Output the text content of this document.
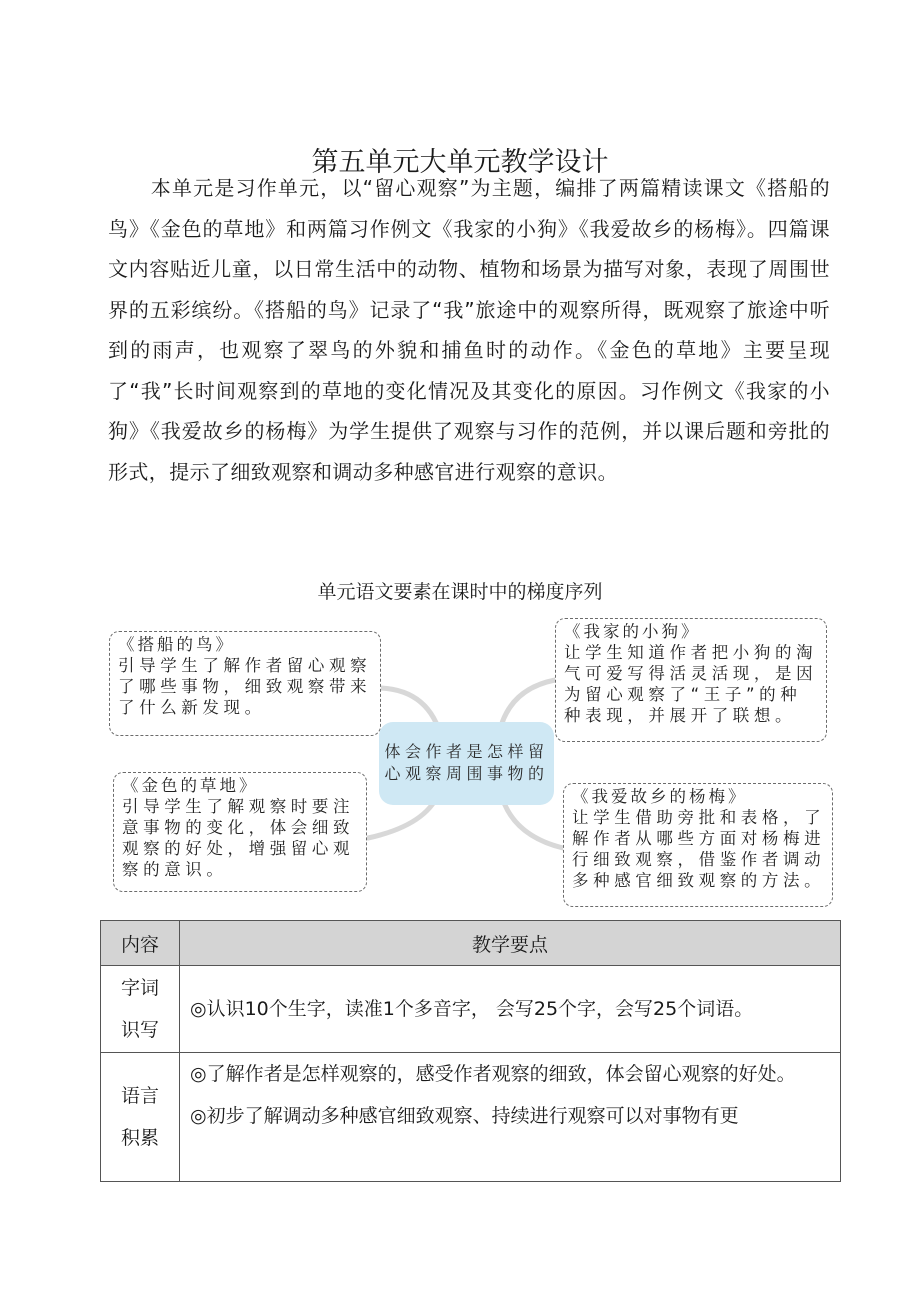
第五单元大单元教学设计
本单元是习作单元，以“留心观察”为主题，编排了两篇精读课文《搭船的鸟》《金色的草地》和两篇习作例文《我家的小狗》《我爱故乡的杨梅》。四篇课文内容贴近儿童，以日常生活中的动物、植物和场景为描写对象，表现了周围世界的五彩缤纷。《搭船的鸟》记录了“我”旅途中的观察所得，既观察了旅途中听到的雨声，也观察了翠鸟的外貌和捕鱼时的动作。《金色的草地》主要呈现了“我”长时间观察到的草地的变化情况及其变化的原因。习作例文《我家的小狗》《我爱故乡的杨梅》为学生提供了观察与习作的范例，并以课后题和旁批的形式，提示了细致观察和调动多种感官进行观察的意识。
单元语文要素在课时中的梯度序列
《搭船的鸟》
引导学生了解作者留心观察了哪些事物，细致观察带来了什么新发现。
《我家的小狗》
让学生知道作者把小狗的淘气可爱写得活灵活现，是因为留心观察了“王子”的种种表现，并展开了联想。
体会作者是怎样留心观察周围事物的
《金色的草地》
引导学生了解观察时要注意事物的变化，体会细致观察的好处，增强留心观察的意识。
《我爱故乡的杨梅》
让学生借助旁批和表格，了解作者从哪些方面对杨梅进行细致观察，借鉴作者调动多种感官细致观察的方法。
内容	教学要点

字词识写	◎认识10个生字，读准1个多音字， 会写25个字，会写25个词语。

语言积累	◎了解作者是怎样观察的，感受作者观察的细致，体会留心观察的好处。
◎初步了解调动多种感官细致观察、持续进行观察可以对事物有更
